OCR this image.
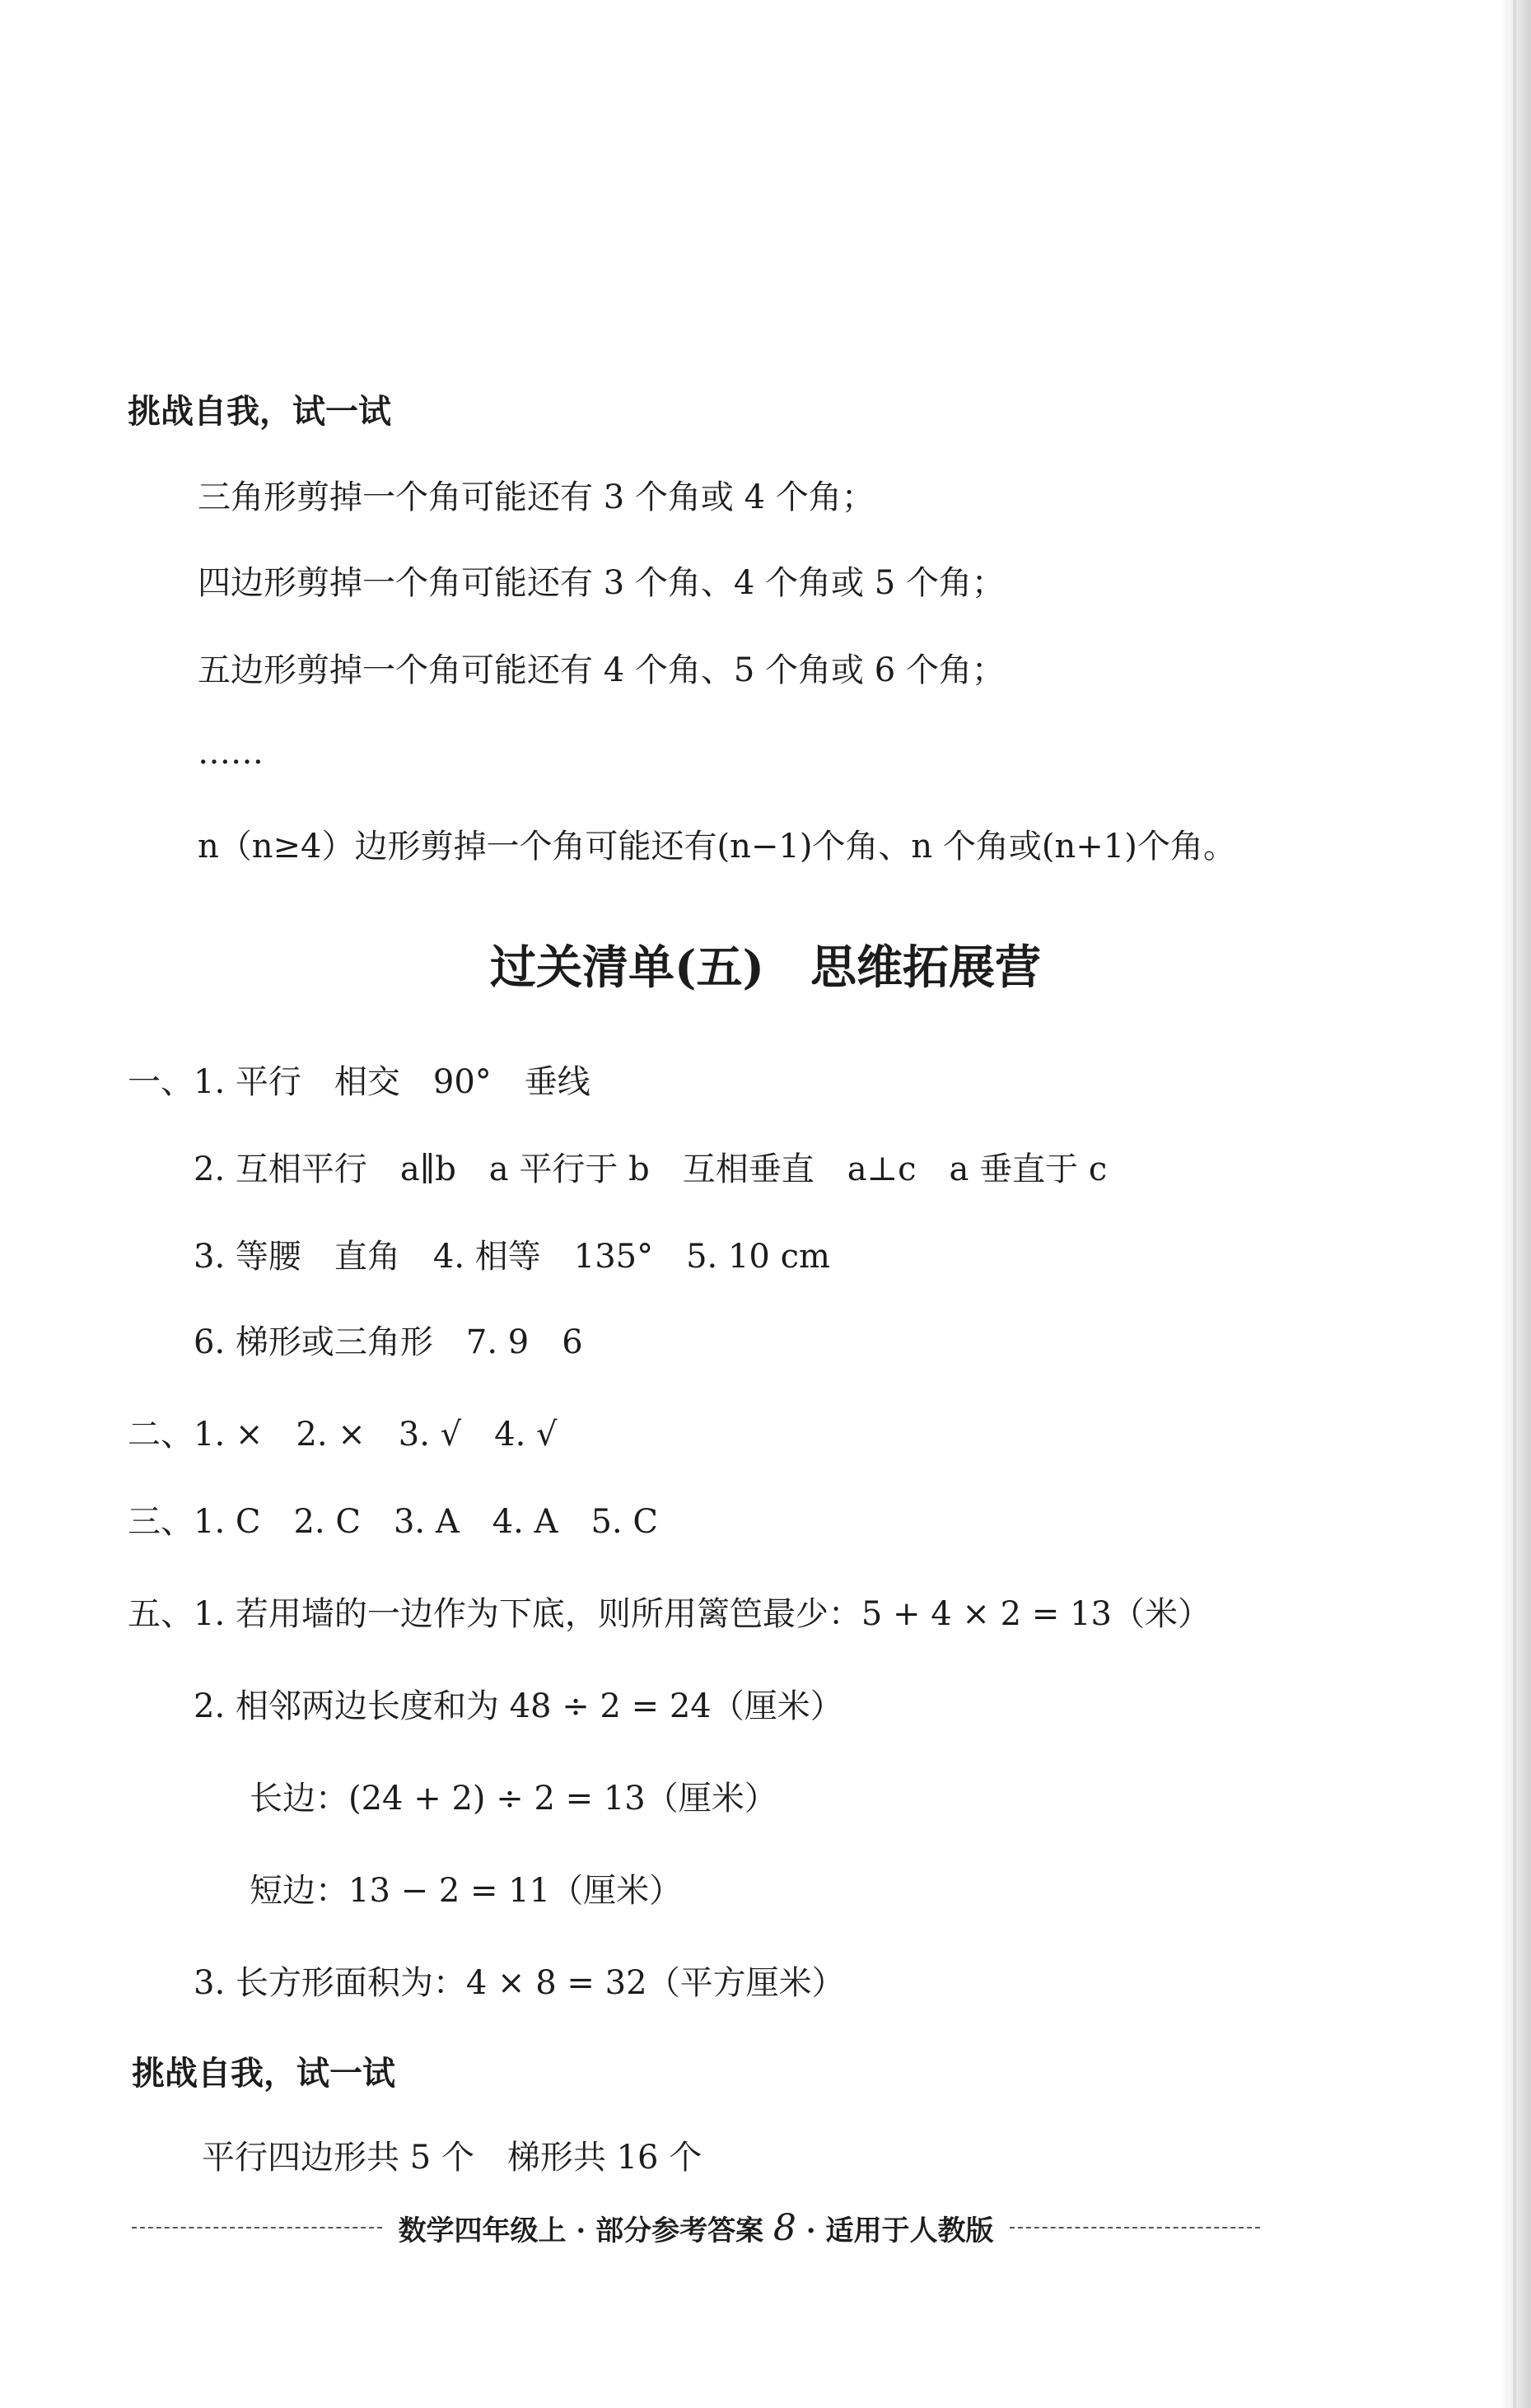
挑战自我，试一试
三角形剪掉一个角可能还有 3 个角或 4 个角；
四边形剪掉一个角可能还有 3 个角、4 个角或 5 个角；
五边形剪掉一个角可能还有 4 个角、5 个角或 6 个角；
……
n（n≥4）边形剪掉一个角可能还有(n−1)个角、n 个角或(n+1)个角。
过关清单(五)　思维拓展营
一、1. 平行　相交　90°　垂线
2. 互相平行　a∥b　a 平行于 b　互相垂直　a⊥c　a 垂直于 c
3. 等腰　直角　4. 相等　135°　5. 10 cm
6. 梯形或三角形　7. 9　6
二、1. ×　2. ×　3. √　4. √
三、1. C　2. C　3. A　4. A　5. C
五、1. 若用墙的一边作为下底，则所用篱笆最少：5 + 4 × 2 = 13（米）
2. 相邻两边长度和为 48 ÷ 2 = 24（厘米）
长边：(24 + 2) ÷ 2 = 13（厘米）
短边：13 − 2 = 11（厘米）
3. 长方形面积为：4 × 8 = 32（平方厘米）
挑战自我，试一试
平行四边形共 5 个　梯形共 16 个
数学四年级上 · 部分参考答案 8 · 适用于人教版
